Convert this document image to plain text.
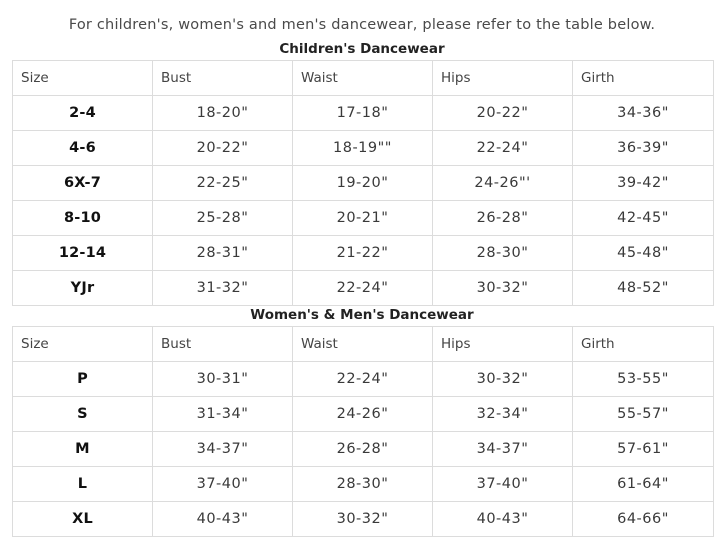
For children's, women's and men's dancewear, please refer to the table below.
Children's Dancewear
Size	Bust	Waist	Hips	Girth
2-4	18-20"	17-18"	20-22"	34-36"
4-6	20-22"	18-19""	22-24"	36-39"
6X-7	22-25"	19-20"	24-26"'	39-42"
8-10	25-28"	20-21"	26-28"	42-45"
12-14	28-31"	21-22"	28-30"	45-48"
YJr	31-32"	22-24"	30-32"	48-52"
Women's & Men's Dancewear
Size	Bust	Waist	Hips	Girth
P	30-31"	22-24"	30-32"	53-55"
S	31-34"	24-26"	32-34"	55-57"
M	34-37"	26-28"	34-37"	57-61"
L	37-40"	28-30"	37-40"	61-64"
XL	40-43"	30-32"	40-43"	64-66"
